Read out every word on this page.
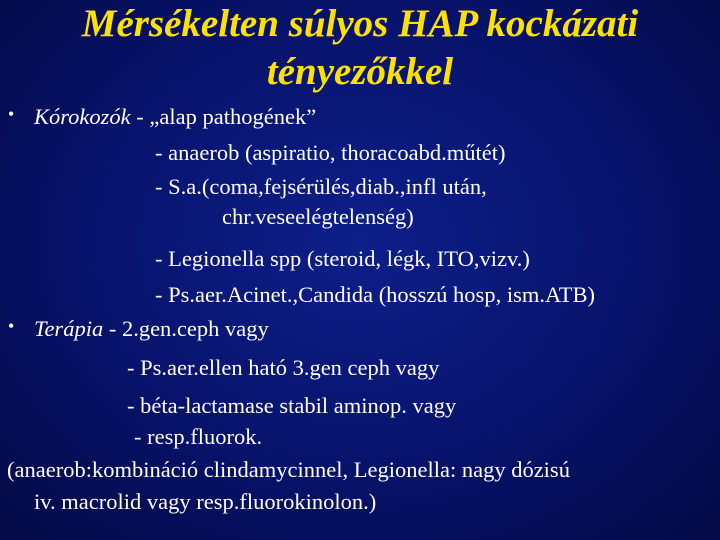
Mérsékelten súlyos HAP kockázati
tényezőkkel
• Kórokozók - „alap pathogének”
- anaerob (aspiratio, thoracoabd.műtét)
- S.a.(coma,fejsérülés,diab.,infl után,
chr.veseelégtelenség)
- Legionella spp (steroid, légk, ITO,vizv.)
- Ps.aer.Acinet.,Candida (hosszú hosp, ism.ATB)
• Terápia - 2.gen.ceph vagy
- Ps.aer.ellen ható 3.gen ceph vagy
- béta-lactamase stabil aminop. vagy
- resp.fluorok.
(anaerob:kombináció clindamycinnel, Legionella: nagy dózisú
iv. macrolid vagy resp.fluorokinolon.)
